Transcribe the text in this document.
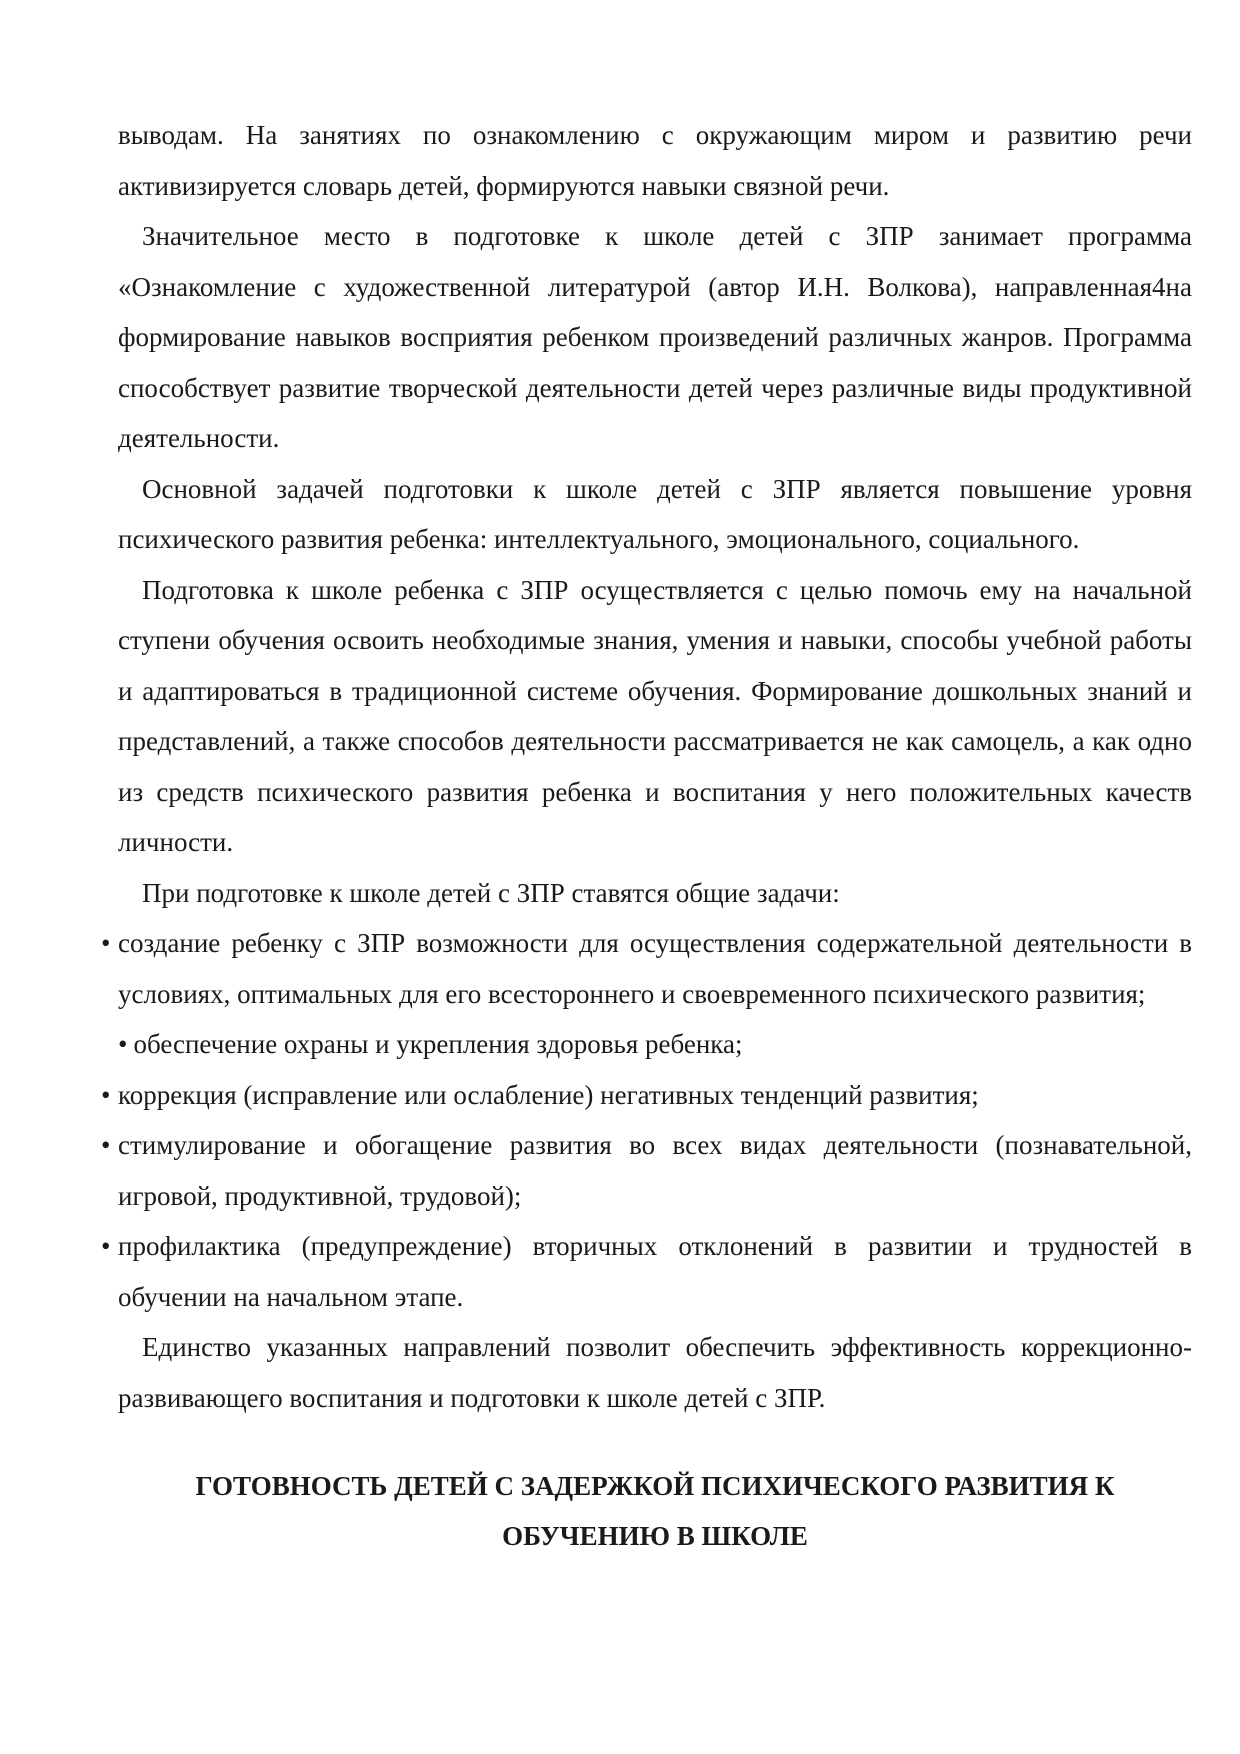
выводам. На занятиях по ознакомлению с окружающим миром и развитию речи активизируется словарь детей, формируются навыки связной речи.

Значительное место в подготовке к школе детей с ЗПР занимает программа «Ознакомление с художественной литературой (автор И.Н. Волкова), направленная4на формирование навыков восприятия ребенком произведений различных жанров. Программа способствует развитие творческой деятельности детей через различные виды продуктивной деятельности.

Основной задачей подготовки к школе детей с ЗПР является повышение уровня психического развития ребенка: интеллектуального, эмоционального, социального.

Подготовка к школе ребенка с ЗПР осуществляется с целью помочь ему на начальной ступени обучения освоить необходимые знания, умения и навыки, способы учебной работы и адаптироваться в традиционной системе обучения. Формирование дошкольных знаний и представлений, а также способов деятельности рассматривается не как самоцель, а как одно из средств психического развития ребенка и воспитания у него положительных качеств личности.

При подготовке к школе детей с ЗПР ставятся общие задачи:

• создание ребенку с ЗПР возможности для осуществления содержательной деятельности в условиях, оптимальных для его всестороннего и своевременного психического развития;
• обеспечение охраны и укрепления здоровья ребенка;
• коррекция (исправление или ослабление) негативных тенденций развития;
• стимулирование и обогащение развития во всех видах деятельности (познавательной, игровой, продуктивной, трудовой);
• профилактика (предупреждение) вторичных отклонений в развитии и трудностей в обучении на начальном этапе.

Единство указанных направлений позволит обеспечить эффективность коррекционно-развивающего воспитания и подготовки к школе детей с ЗПР.

ГОТОВНОСТЬ ДЕТЕЙ С ЗАДЕРЖКОЙ ПСИХИЧЕСКОГО РАЗВИТИЯ К
ОБУЧЕНИЮ В ШКОЛЕ
